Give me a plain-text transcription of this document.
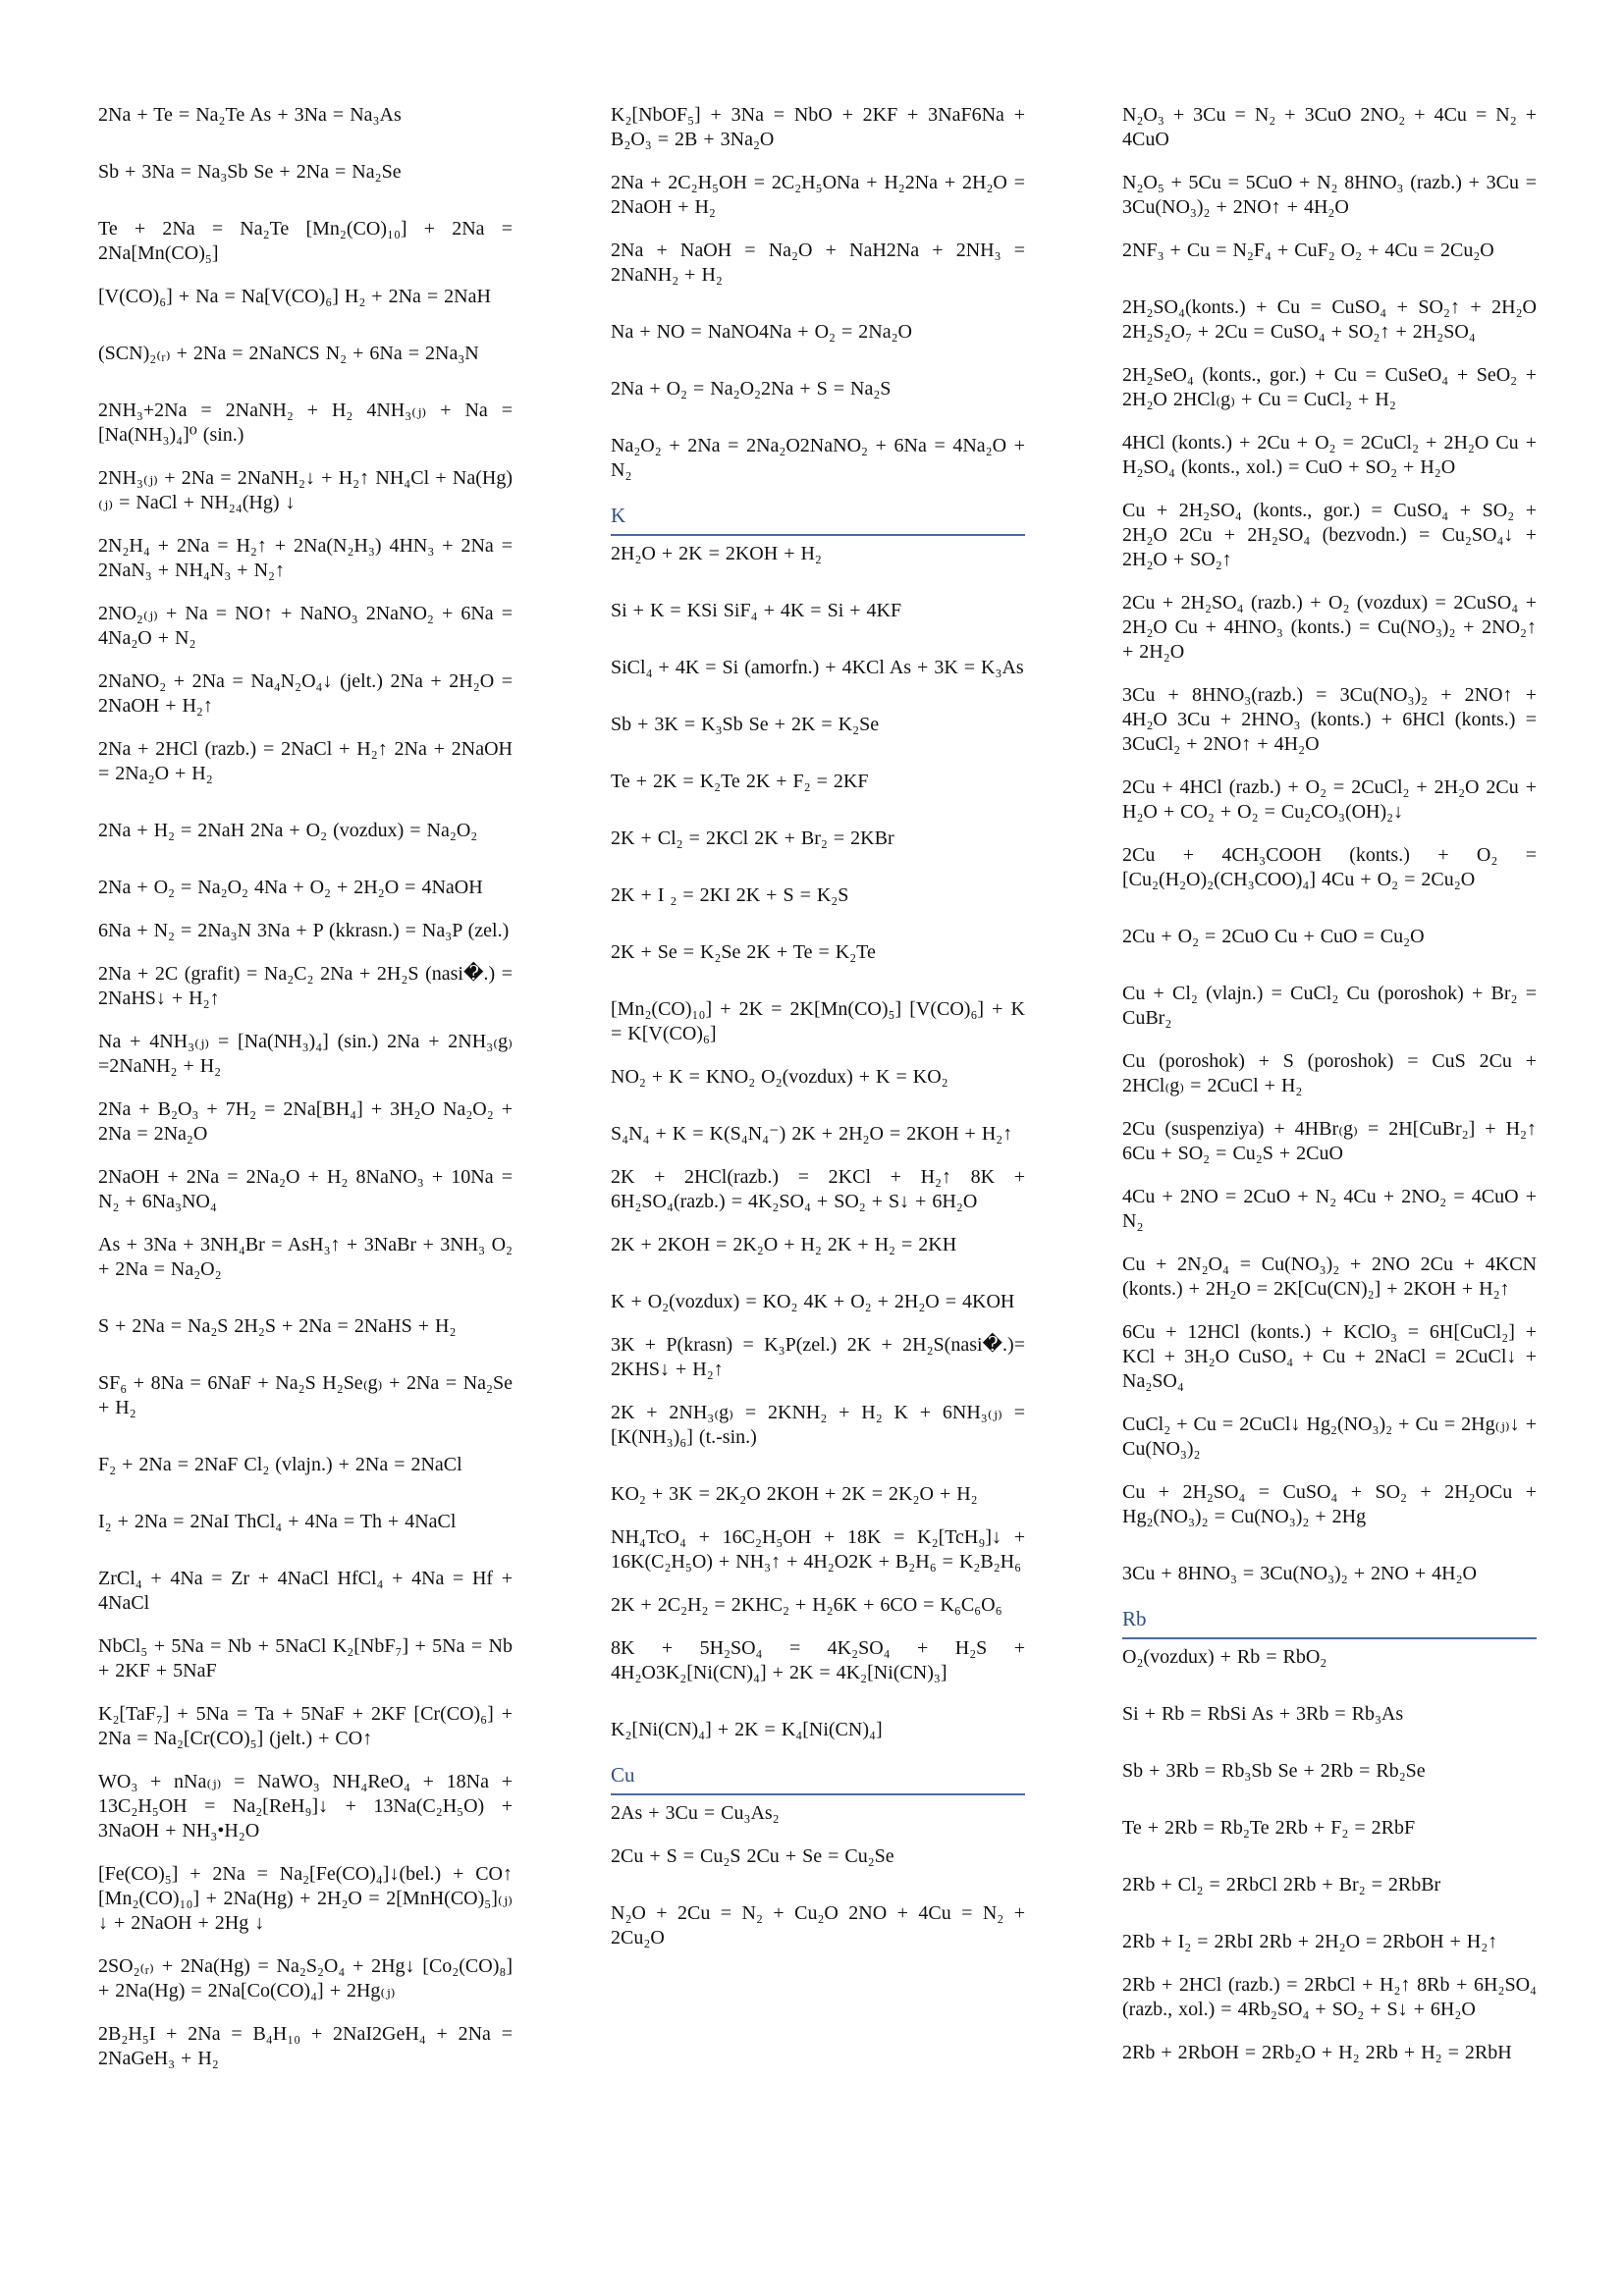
2Na + Te = Na₂Te As + 3Na = Na₃As

Sb + 3Na = Na₃Sb Se + 2Na = Na₂Se

Te + 2Na = Na₂Te [Mn₂(CO)₁₀] + 2Na = 2Na[Mn(CO)₅]

[V(CO)₆] + Na = Na[V(CO)₆] H₂ + 2Na = 2NaH

(SCN)₂₍ᵣ₎ + 2Na = 2NaNCS N₂ + 6Na = 2Na₃N

2NH₃+2Na = 2NaNH₂ + H₂ 4NH₃₍ⱼ₎ + Na = [Na(NH₃)₄]⁰ (sin.)

2NH₃₍ⱼ₎ + 2Na = 2NaNH₂↓ + H₂↑ NH₄Cl + Na(Hg)₍ⱼ₎ = NaCl + NH₂₄(Hg) ↓

2N₂H₄ + 2Na = H₂↑ + 2Na(N₂H₃) 4HN₃ + 2Na = 2NaN₃ + NH₄N₃ + N₂↑

2NO₂₍ⱼ₎ + Na = NO↑ + NaNO₃ 2NaNO₂ + 6Na = 4Na₂O + N₂

2NaNO₂ + 2Na = Na₄N₂O₄↓ (jelt.) 2Na + 2H₂O = 2NaOH + H₂↑

2Na + 2HCl (razb.) = 2NaCl + H₂↑ 2Na + 2NaOH = 2Na₂O + H₂

2Na + H₂ = 2NaH 2Na + O₂ (vozdux) = Na₂O₂

2Na + O₂ = Na₂O₂ 4Na + O₂ + 2H₂O = 4NaOH

6Na + N₂ = 2Na₃N 3Na + P (kkrasn.) = Na₃P (zel.)

2Na + 2C (grafit) = Na₂C₂ 2Na + 2H₂S (nasi�.) = 2NaHS↓ + H₂↑

Na + 4NH₃₍ⱼ₎ = [Na(NH₃)₄] (sin.) 2Na + 2NH₃₍g₎=2NaNH₂ + H₂

2Na + B₂O₃ + 7H₂ = 2Na[BH₄] + 3H₂O Na₂O₂ + 2Na = 2Na₂O

2NaOH + 2Na = 2Na₂O + H₂ 8NaNO₃ + 10Na = N₂ + 6Na₃NO₄

As + 3Na + 3NH₄Br = AsH₃↑ + 3NaBr + 3NH₃ O₂ + 2Na = Na₂O₂

S + 2Na = Na₂S 2H₂S + 2Na = 2NaHS + H₂

SF₆ + 8Na = 6NaF + Na₂S H₂Se₍g₎ + 2Na = Na₂Se + H₂

F₂ + 2Na = 2NaF Cl₂ (vlajn.) + 2Na = 2NaCl

I₂ + 2Na = 2NaI ThCl₄ + 4Na = Th + 4NaCl

ZrCl₄ + 4Na = Zr + 4NaCl HfCl₄ + 4Na = Hf + 4NaCl

NbCl₅ + 5Na = Nb + 5NaCl K₂[NbF₇] + 5Na = Nb + 2KF + 5NaF

K₂[TaF₇] + 5Na = Ta + 5NaF + 2KF [Cr(CO)₆] + 2Na = Na₂[Cr(CO)₅] (jelt.) + CO↑

WO₃ + nNa₍ⱼ₎ = NaWO₃ NH₄ReO₄ + 18Na + 13C₂H₅OH = Na₂[ReH₉]↓ + 13Na(C₂H₅O) + 3NaOH + NH₃•H₂O

[Fe(CO)₅] + 2Na = Na₂[Fe(CO)₄]↓(bel.) + CO↑ [Mn₂(CO)₁₀] + 2Na(Hg) + 2H₂O = 2[MnH(CO)₅]₍ⱼ₎↓ + 2NaOH + 2Hg ↓

2SO₂₍ᵣ₎ + 2Na(Hg) = Na₂S₂O₄ + 2Hg↓ [Co₂(CO)₈] + 2Na(Hg) = 2Na[Co(CO)₄] + 2Hg₍ⱼ₎

2B₂H₅I + 2Na = B₄H₁₀ + 2NaI2GeH₄ + 2Na = 2NaGeH₃ + H₂

K₂[NbOF₅] + 3Na = NbO + 2KF + 3NaF6Na + B₂O₃ = 2B + 3Na₂O

2Na + 2C₂H₅OH = 2C₂H₅ONa + H₂2Na + 2H₂O = 2NaOH + H₂

2Na + NaOH = Na₂O + NaH2Na + 2NH₃ = 2NaNH₂ + H₂

Na + NO = NaNO4Na + O₂ = 2Na₂O

2Na + O₂ = Na₂O₂2Na + S = Na₂S

Na₂O₂ + 2Na = 2Na₂O2NaNO₂ + 6Na = 4Na₂O + N₂

K

2H₂O + 2K = 2KOH + H₂

Si + K = KSi SiF₄ + 4K = Si + 4KF

SiCl₄ + 4K = Si (amorfn.) + 4KCl As + 3K = K₃As

Sb + 3K = K₃Sb Se + 2K = K₂Se

Te + 2K = K₂Te 2K + F₂ = 2KF

2K + Cl₂ = 2KCl 2K + Br₂ = 2KBr

2K + I ₂ = 2KI 2K + S = K₂S

2K + Se = K₂Se 2K + Te = K₂Te

[Mn₂(CO)₁₀] + 2K = 2K[Mn(CO)₅] [V(CO)₆] + K = K[V(CO)₆]

NO₂ + K = KNO₂ O₂(vozdux) + K = KO₂

S₄N₄ + K = K(S₄N₄⁻) 2K + 2H₂O = 2KOH + H₂↑

2K + 2HCl(razb.) = 2KCl + H₂↑ 8K + 6H₂SO₄(razb.) = 4K₂SO₄ + SO₂ + S↓ + 6H₂O

2K + 2KOH = 2K₂O + H₂ 2K + H₂ = 2KH

K + O₂(vozdux) = KO₂ 4K + O₂ + 2H₂O = 4KOH

3K + P(krasn) = K₃P(zel.) 2K + 2H₂S(nasi�.)= 2KHS↓ + H₂↑

2K + 2NH₃₍g₎ = 2KNH₂ + H₂ K + 6NH₃₍ⱼ₎ = [K(NH₃)₆] (t.-sin.)

KO₂ + 3K = 2K₂O 2KOH + 2K = 2K₂O + H₂

NH₄TcO₄ + 16C₂H₅OH + 18K = K₂[TcH₉]↓ + 16K(C₂H₅O) + NH₃↑ + 4H₂O2K + B₂H₆ = K₂B₂H₆

2K + 2C₂H₂ = 2KHC₂ + H₂6K + 6CO = K₆C₆O₆

8K + 5H₂SO₄ = 4K₂SO₄ + H₂S + 4H₂O3K₂[Ni(CN)₄] + 2K = 4K₂[Ni(CN)₃]

K₂[Ni(CN)₄] + 2K = K₄[Ni(CN)₄]

Cu

2As + 3Cu = Cu₃As₂

2Cu + S = Cu₂S 2Cu + Se = Cu₂Se

N₂O + 2Cu = N₂ + Cu₂O 2NO + 4Cu = N₂ + 2Cu₂O

N₂O₃ + 3Cu = N₂ + 3CuO 2NO₂ + 4Cu = N₂ + 4CuO

N₂O₅ + 5Cu = 5CuO + N₂ 8HNO₃ (razb.) + 3Cu = 3Cu(NO₃)₂ + 2NO↑ + 4H₂O

2NF₃ + Cu = N₂F₄ + CuF₂ O₂ + 4Cu = 2Cu₂O

2H₂SO₄(konts.) + Cu = CuSO₄ + SO₂↑ + 2H₂O 2H₂S₂O₇ + 2Cu = CuSO₄ + SO₂↑ + 2H₂SO₄

2H₂SeO₄ (konts., gor.) + Cu = CuSeO₄ + SeO₂ + 2H₂O 2HCl₍g₎ + Cu = CuCl₂ + H₂

4HCl (konts.) + 2Cu + O₂ = 2CuCl₂ + 2H₂O Cu + H₂SO₄ (konts., xol.) = CuO + SO₂ + H₂O

Cu + 2H₂SO₄ (konts., gor.) = CuSO₄ + SO₂ + 2H₂O 2Cu + 2H₂SO₄ (bezvodn.) = Cu₂SO₄↓ + 2H₂O + SO₂↑

2Cu + 2H₂SO₄ (razb.) + O₂ (vozdux) = 2CuSO₄ + 2H₂O Cu + 4HNO₃ (konts.) = Cu(NO₃)₂ + 2NO₂↑ + 2H₂O

3Cu + 8HNO₃(razb.) = 3Cu(NO₃)₂ + 2NO↑ + 4H₂O 3Cu + 2HNO₃ (konts.) + 6HCl (konts.) = 3CuCl₂ + 2NO↑ + 4H₂O

2Cu + 4HCl (razb.) + O₂ = 2CuCl₂ + 2H₂O 2Cu + H₂O + CO₂ + O₂ = Cu₂CO₃(OH)₂↓

2Cu + 4CH₃COOH (konts.) + O₂ = [Cu₂(H₂O)₂(CH₃COO)₄] 4Cu + O₂ = 2Cu₂O

2Cu + O₂ = 2CuO Cu + CuO = Cu₂O

Cu + Cl₂ (vlajn.) = CuCl₂ Cu (poroshok) + Br₂ = CuBr₂

Cu (poroshok) + S (poroshok) = CuS 2Cu + 2HCl₍g₎ = 2CuCl + H₂

2Cu (suspenziya) + 4HBr₍g₎ = 2H[CuBr₂] + H₂↑ 6Cu + SO₂ = Cu₂S + 2CuO

4Cu + 2NO = 2CuO + N₂ 4Cu + 2NO₂ = 4CuO + N₂

Cu + 2N₂O₄ = Cu(NO₃)₂ + 2NO 2Cu + 4KCN (konts.) + 2H₂O = 2K[Cu(CN)₂] + 2KOH + H₂↑

6Cu + 12HCl (konts.) + KClO₃ = 6H[CuCl₂] + KCl + 3H₂O CuSO₄ + Cu + 2NaCl = 2CuCl↓ + Na₂SO₄

CuCl₂ + Cu = 2CuCl↓ Hg₂(NO₃)₂ + Cu = 2Hg₍ⱼ₎↓ + Cu(NO₃)₂

Cu + 2H₂SO₄ = CuSO₄ + SO₂ + 2H₂OCu + Hg₂(NO₃)₂ = Cu(NO₃)₂ + 2Hg

3Cu + 8HNO₃ = 3Cu(NO₃)₂ + 2NO + 4H₂O

Rb

O₂(vozdux) + Rb = RbO₂

Si + Rb = RbSi As + 3Rb = Rb₃As

Sb + 3Rb = Rb₃Sb Se + 2Rb = Rb₂Se

Te + 2Rb = Rb₂Te 2Rb + F₂ = 2RbF

2Rb + Cl₂ = 2RbCl 2Rb + Br₂ = 2RbBr

2Rb + I₂ = 2RbI 2Rb + 2H₂O = 2RbOH + H₂↑

2Rb + 2HCl (razb.) = 2RbCl + H₂↑ 8Rb + 6H₂SO₄ (razb., xol.) = 4Rb₂SO₄ + SO₂ + S↓ + 6H₂O

2Rb + 2RbOH = 2Rb₂O + H₂ 2Rb + H₂ = 2RbH
